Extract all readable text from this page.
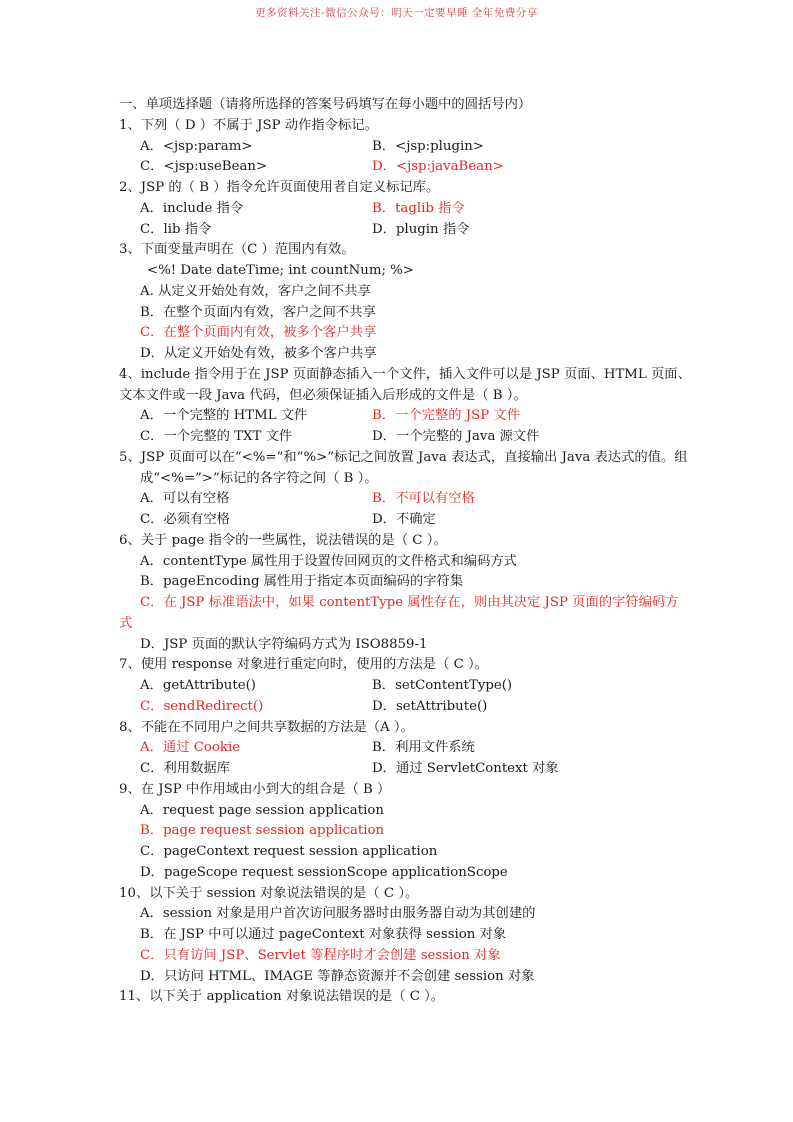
更多资料关注-微信公众号：明天一定要早睡 全年免费分享
一、单项选择题（请将所选择的答案号码填写在每小题中的圆括号内）
1、下列（ D ）不属于 JSP 动作指令标记。
A．<jsp:param>	B．<jsp:plugin>
C．<jsp:useBean>	D．<jsp:javaBean>
2、JSP 的（ B ）指令允许页面使用者自定义标记库。
A．include 指令	B．taglib 指令
C．lib 指令	D．plugin 指令
3、下面变量声明在（C ）范围内有效。
<%! Date dateTime; int countNum; %>
A. 从定义开始处有效，客户之间不共享
B．在整个页面内有效，客户之间不共享
C．在整个页面内有效，被多个客户共享
D．从定义开始处有效，被多个客户共享
4、include 指令用于在 JSP 页面静态插入一个文件，插入文件可以是 JSP 页面、HTML 页面、
文本文件或一段 Java 代码，但必须保证插入后形成的文件是（ B ）。
A．一个完整的 HTML 文件	B．一个完整的 JSP 文件
C．一个完整的 TXT 文件	D．一个完整的 Java 源文件
5、JSP 页面可以在“<%=”和“%>”标记之间放置 Java 表达式，直接输出 Java 表达式的值。组
成“<%=”>”标记的各字符之间（ B ）。
A．可以有空格	B．不可以有空格
C．必须有空格	D．不确定
6、关于 page 指令的一些属性，说法错误的是（ C ）。
A．contentType 属性用于设置传回网页的文件格式和编码方式
B．pageEncoding 属性用于指定本页面编码的字符集
C．在 JSP 标准语法中，如果 contentType 属性存在，则由其决定 JSP 页面的字符编码方
式
D．JSP 页面的默认字符编码方式为 ISO8859-1
7、使用 response 对象进行重定向时，使用的方法是（ C ）。
A．getAttribute()	B．setContentType()
C．sendRedirect()	D．setAttribute()
8、不能在不同用户之间共享数据的方法是（A ）。
A．通过 Cookie	B．利用文件系统
C．利用数据库	D．通过 ServletContext 对象
9、在 JSP 中作用域由小到大的组合是（ B ）
A．request page session application
B．page request session application
C．pageContext request session application
D．pageScope request sessionScope applicationScope
10、以下关于 session 对象说法错误的是（ C ）。
A．session 对象是用户首次访问服务器时由服务器自动为其创建的
B．在 JSP 中可以通过 pageContext 对象获得 session 对象
C．只有访问 JSP、Servlet 等程序时才会创建 session 对象
D．只访问 HTML、IMAGE 等静态资源并不会创建 session 对象
11、以下关于 application 对象说法错误的是（ C ）。
